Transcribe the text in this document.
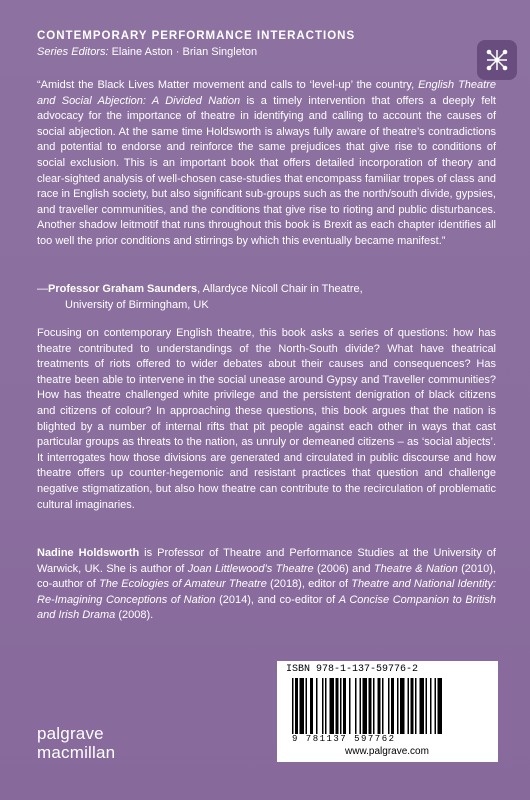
CONTEMPORARY PERFORMANCE INTERACTIONS
Series Editors: Elaine Aston · Brian Singleton
“Amidst the Black Lives Matter movement and calls to ‘level-up’ the country, English Theatre and Social Abjection: A Divided Nation is a timely intervention that offers a deeply felt advocacy for the importance of theatre in identifying and calling to account the causes of social abjection. At the same time Holdsworth is always fully aware of theatre’s contradictions and potential to endorse and reinforce the same prejudices that give rise to conditions of social exclusion. This is an important book that offers detailed incorporation of theory and clear-sighted analysis of well-chosen case-studies that encompass familiar tropes of class and race in English society, but also significant sub-groups such as the north/south divide, gypsies, and traveller communities, and the conditions that give rise to rioting and public disturbances. Another shadow leitmotif that runs throughout this book is Brexit as each chapter identifies all too well the prior conditions and stirrings by which this eventually became manifest.”
—Professor Graham Saunders, Allardyce Nicoll Chair in Theatre,
University of Birmingham, UK
Focusing on contemporary English theatre, this book asks a series of questions: how has theatre contributed to understandings of the North-South divide? What have theatrical treatments of riots offered to wider debates about their causes and consequences? Has theatre been able to intervene in the social unease around Gypsy and Traveller communities? How has theatre challenged white privilege and the persistent denigration of black citizens and citizens of colour? In approaching these questions, this book argues that the nation is blighted by a number of internal rifts that pit people against each other in ways that cast particular groups as threats to the nation, as unruly or demeaned citizens – as ‘social abjects’. It interrogates how those divisions are generated and circulated in public discourse and how theatre offers up counter-hegemonic and resistant practices that question and challenge negative stigmatization, but also how theatre can contribute to the recirculation of problematic cultural imaginaries.
Nadine Holdsworth is Professor of Theatre and Performance Studies at the University of Warwick, UK. She is author of Joan Littlewood’s Theatre (2006) and Theatre & Nation (2010), co-author of The Ecologies of Amateur Theatre (2018), editor of Theatre and National Identity: Re-Imagining Conceptions of Nation (2014), and co-editor of A Concise Companion to British and Irish Drama (2008).
palgrave
macmillan
ISBN 978-1-137-59776-2
9 781137 597762
www.palgrave.com
